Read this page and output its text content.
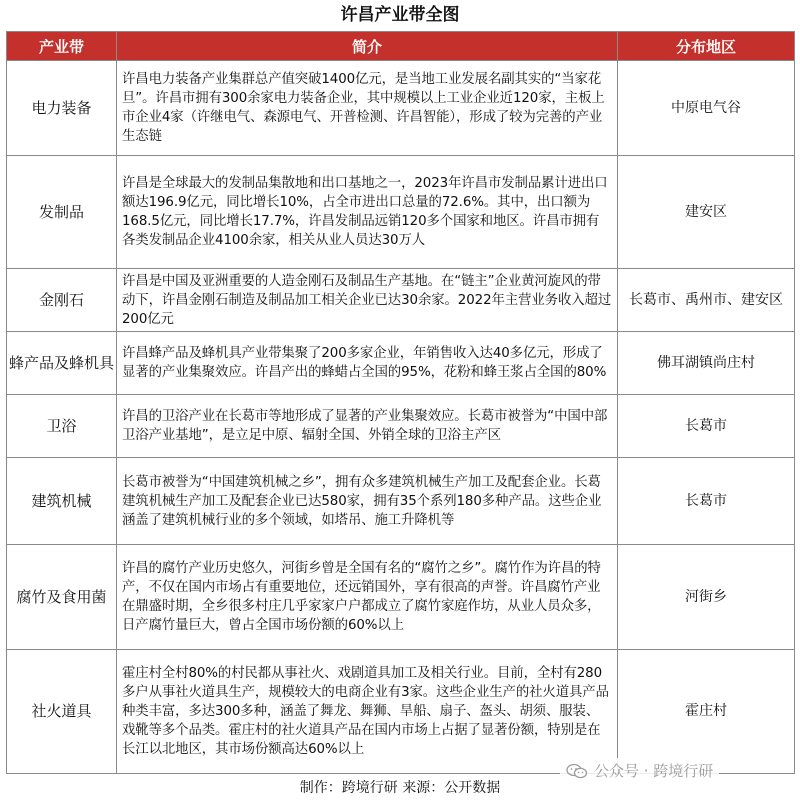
许昌产业带全图
产业带	简介	分布地区
电力装备	许昌电力装备产业集群总产值突破1400亿元，是当地工业发展名副其实的“当家花旦”。许昌市拥有300余家电力装备企业，其中规模以上工业企业近120家，主板上市企业4家（许继电气、森源电气、开普检测、许昌智能），形成了较为完善的产业生态链	中原电气谷
发制品	许昌是全球最大的发制品集散地和出口基地之一，2023年许昌市发制品累计进出口额达196.9亿元，同比增长10%，占全市进出口总量的72.6%。其中，出口额为168.5亿元，同比增长17.7%，许昌发制品远销120多个国家和地区。许昌市拥有各类发制品企业4100余家，相关从业人员达30万人	建安区
金刚石	许昌是中国及亚洲重要的人造金刚石及制品生产基地。在“链主”企业黄河旋风的带动下，许昌金刚石制造及制品加工相关企业已达30余家。2022年主营业务收入超过200亿元	长葛市、禹州市、建安区
蜂产品及蜂机具	许昌蜂产品及蜂机具产业带集聚了200多家企业，年销售收入达40多亿元，形成了显著的产业集聚效应。许昌产出的蜂蜡占全国的95%，花粉和蜂王浆占全国的80%	佛耳湖镇尚庄村
卫浴	许昌的卫浴产业在长葛市等地形成了显著的产业集聚效应。长葛市被誉为“中国中部卫浴产业基地”，是立足中原、辐射全国、外销全球的卫浴主产区	长葛市
建筑机械	长葛市被誉为“中国建筑机械之乡”，拥有众多建筑机械生产加工及配套企业。长葛建筑机械生产加工及配套企业已达580家，拥有35个系列180多种产品。这些企业涵盖了建筑机械行业的多个领域，如塔吊、施工升降机等	长葛市
腐竹及食用菌	许昌的腐竹产业历史悠久，河街乡曾是全国有名的“腐竹之乡”。腐竹作为许昌的特产，不仅在国内市场占有重要地位，还远销国外，享有很高的声誉。许昌腐竹产业在鼎盛时期，全乡很多村庄几乎家家户户都成立了腐竹家庭作坊，从业人员众多，日产腐竹量巨大，曾占全国市场份额的60%以上	河街乡
社火道具	霍庄村全村80%的村民都从事社火、戏剧道具加工及相关行业。目前，全村有280多户从事社火道具生产，规模较大的电商企业有3家。这些企业生产的社火道具产品种类丰富，多达300多种，涵盖了舞龙、舞狮、旱船、扇子、盔头、胡须、服装、戏靴等多个品类。霍庄村的社火道具产品在国内市场上占据了显著份额，特别是在长江以北地区，其市场份额高达60%以上	霍庄村
公众号 · 跨境行研
制作：跨境行研 来源：公开数据
